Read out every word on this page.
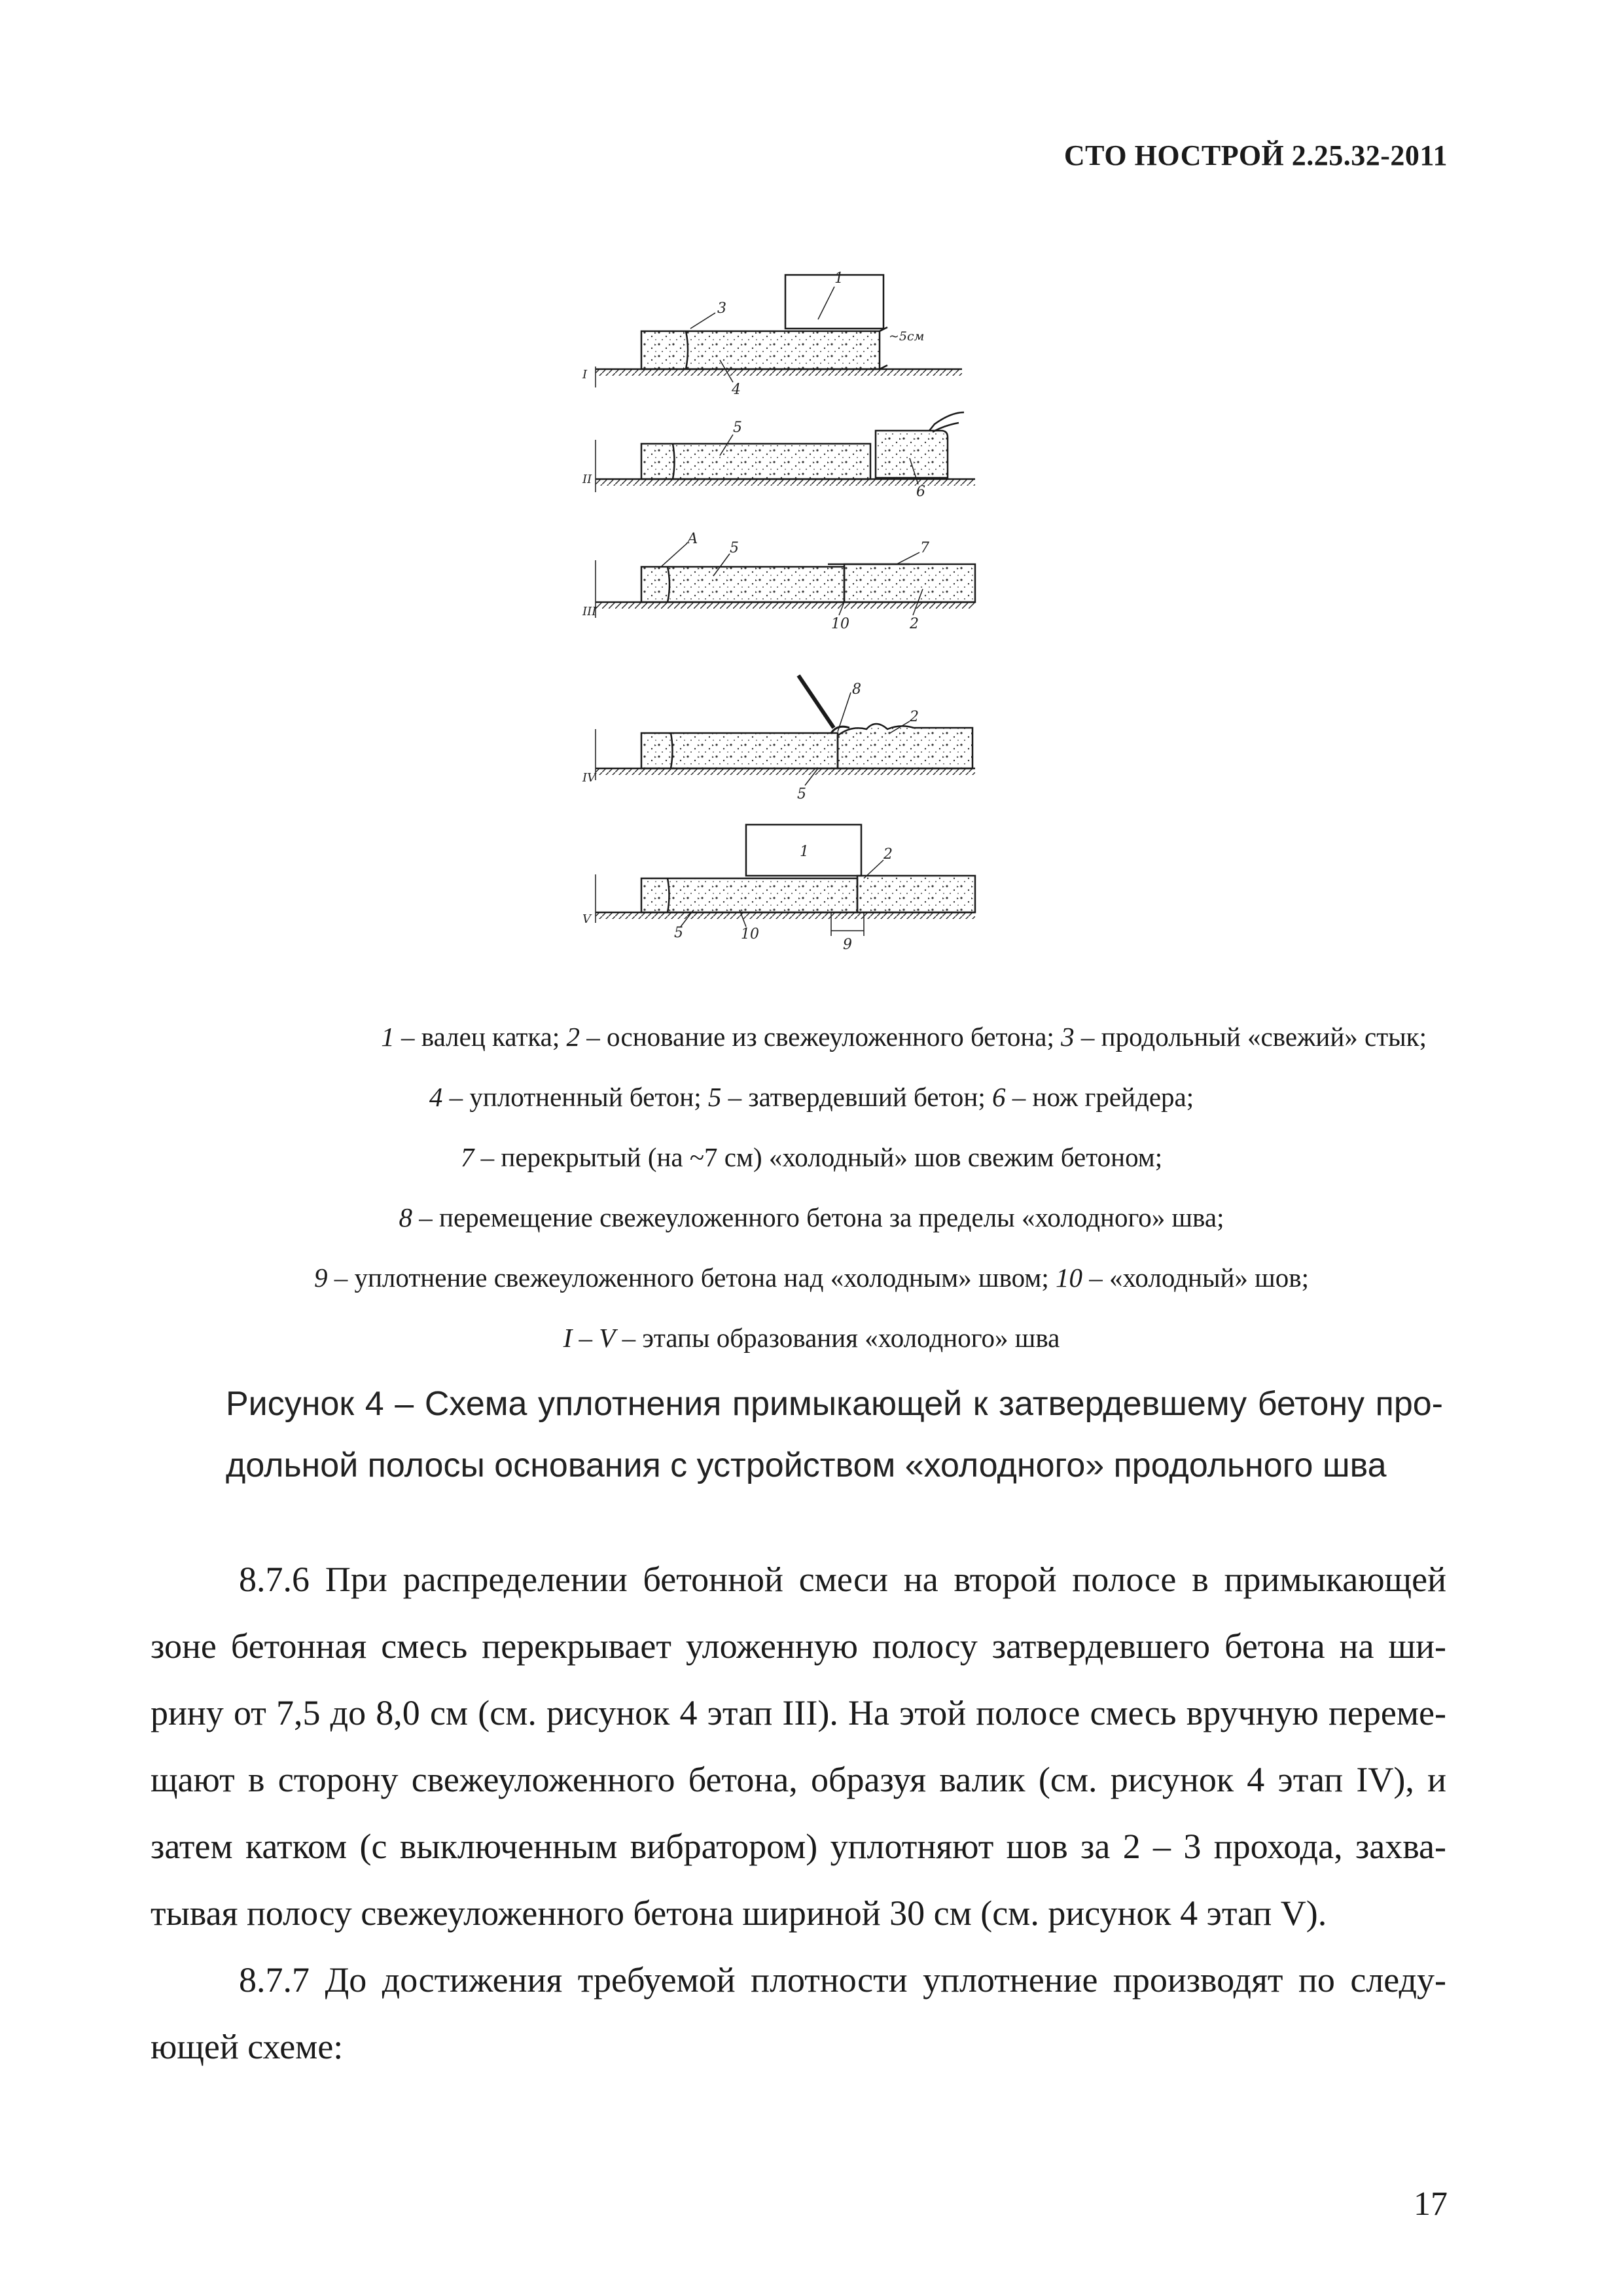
СТО НОСТРОЙ 2.25.32-2011
I
1
3
4
~5см
II
5
6
III
А
5	7
10	2
IV
8
2
5
V
1	2
5	10
9
1 – валец катка; 2 – основание из свежеуложенного бетона; 3 – продольный «свежий» стык;
4 – уплотненный бетон; 5 – затвердевший бетон; 6 – нож грейдера;
7 – перекрытый (на ~7 см) «холодный» шов свежим бетоном;
8 – перемещение свежеуложенного бетона за пределы «холодного» шва;
9 – уплотнение свежеуложенного бетона над «холодным» швом; 10 – «холодный» шов;
I – V – этапы образования «холодного» шва
Рисунок 4 – Схема уплотнения примыкающей к затвердевшему бетону про-
дольной полосы основания с устройством «холодного» продольного шва
8.7.6 При распределении бетонной смеси на второй полосе в примыкающей
зоне бетонная смесь перекрывает уложенную полосу затвердевшего бетона на ши-
рину от 7,5 до 8,0 см (см. рисунок 4 этап III). На этой полосе смесь вручную переме-
щают в сторону свежеуложенного бетона, образуя валик (см. рисунок 4 этап IV), и
затем катком (с выключенным вибратором) уплотняют шов за 2 – 3 прохода, захва-
тывая полосу свежеуложенного бетона шириной 30 см (см. рисунок 4 этап V).
8.7.7 До достижения требуемой плотности уплотнение производят по следу-
ющей схеме:
17
